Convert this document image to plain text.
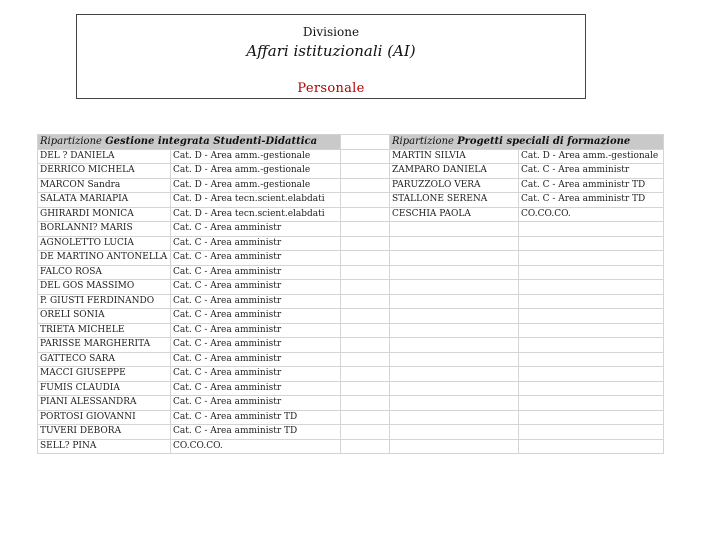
Divisione
Affari istituzionali (AI)
Personale
Ripartizione Gestione integrata Studenti-Didattica			Ripartizione Progetti speciali di formazione	
DEL ? DANIELA	Cat. D - Area amm.-gestionale		MARTIN SILVIA	Cat. D - Area amm.-gestionale
DERRICO MICHELA	Cat. D - Area amm.-gestionale		ZAMPARO DANIELA	Cat. C - Area amministr
MARCON Sandra	Cat. D - Area amm.-gestionale		PARUZZOLO VERA	Cat. C - Area amministr TD
SALATA MARIAPIA	Cat. D - Area tecn.scient.elabdati		STALLONE SERENA	Cat. C - Area amministr TD
GHIRARDI MONICA	Cat. D - Area tecn.scient.elabdati		CESCHIA PAOLA	CO.CO.CO.
BORLANNI? MARIS	Cat. C - Area amministr			
AGNOLETTO LUCIA	Cat. C - Area amministr			
DE MARTINO ANTONELLA	Cat. C - Area amministr			
FALCO ROSA	Cat. C - Area amministr			
DEL GOS MASSIMO	Cat. C - Area amministr			
P. GIUSTI FERDINANDO	Cat. C - Area amministr			
ORELI SONIA	Cat. C - Area amministr			
TRIETA MICHELE	Cat. C - Area amministr			
PARISSE MARGHERITA	Cat. C - Area amministr			
GATTECO SARA	Cat. C - Area amministr			
MACCI GIUSEPPE	Cat. C - Area amministr			
FUMIS CLAUDIA	Cat. C - Area amministr			
PIANI ALESSANDRA	Cat. C - Area amministr			
PORTOSI GIOVANNI	Cat. C - Area amministr TD			
TUVERI DEBORA	Cat. C - Area amministr TD			
SELL? PINA	CO.CO.CO.			
